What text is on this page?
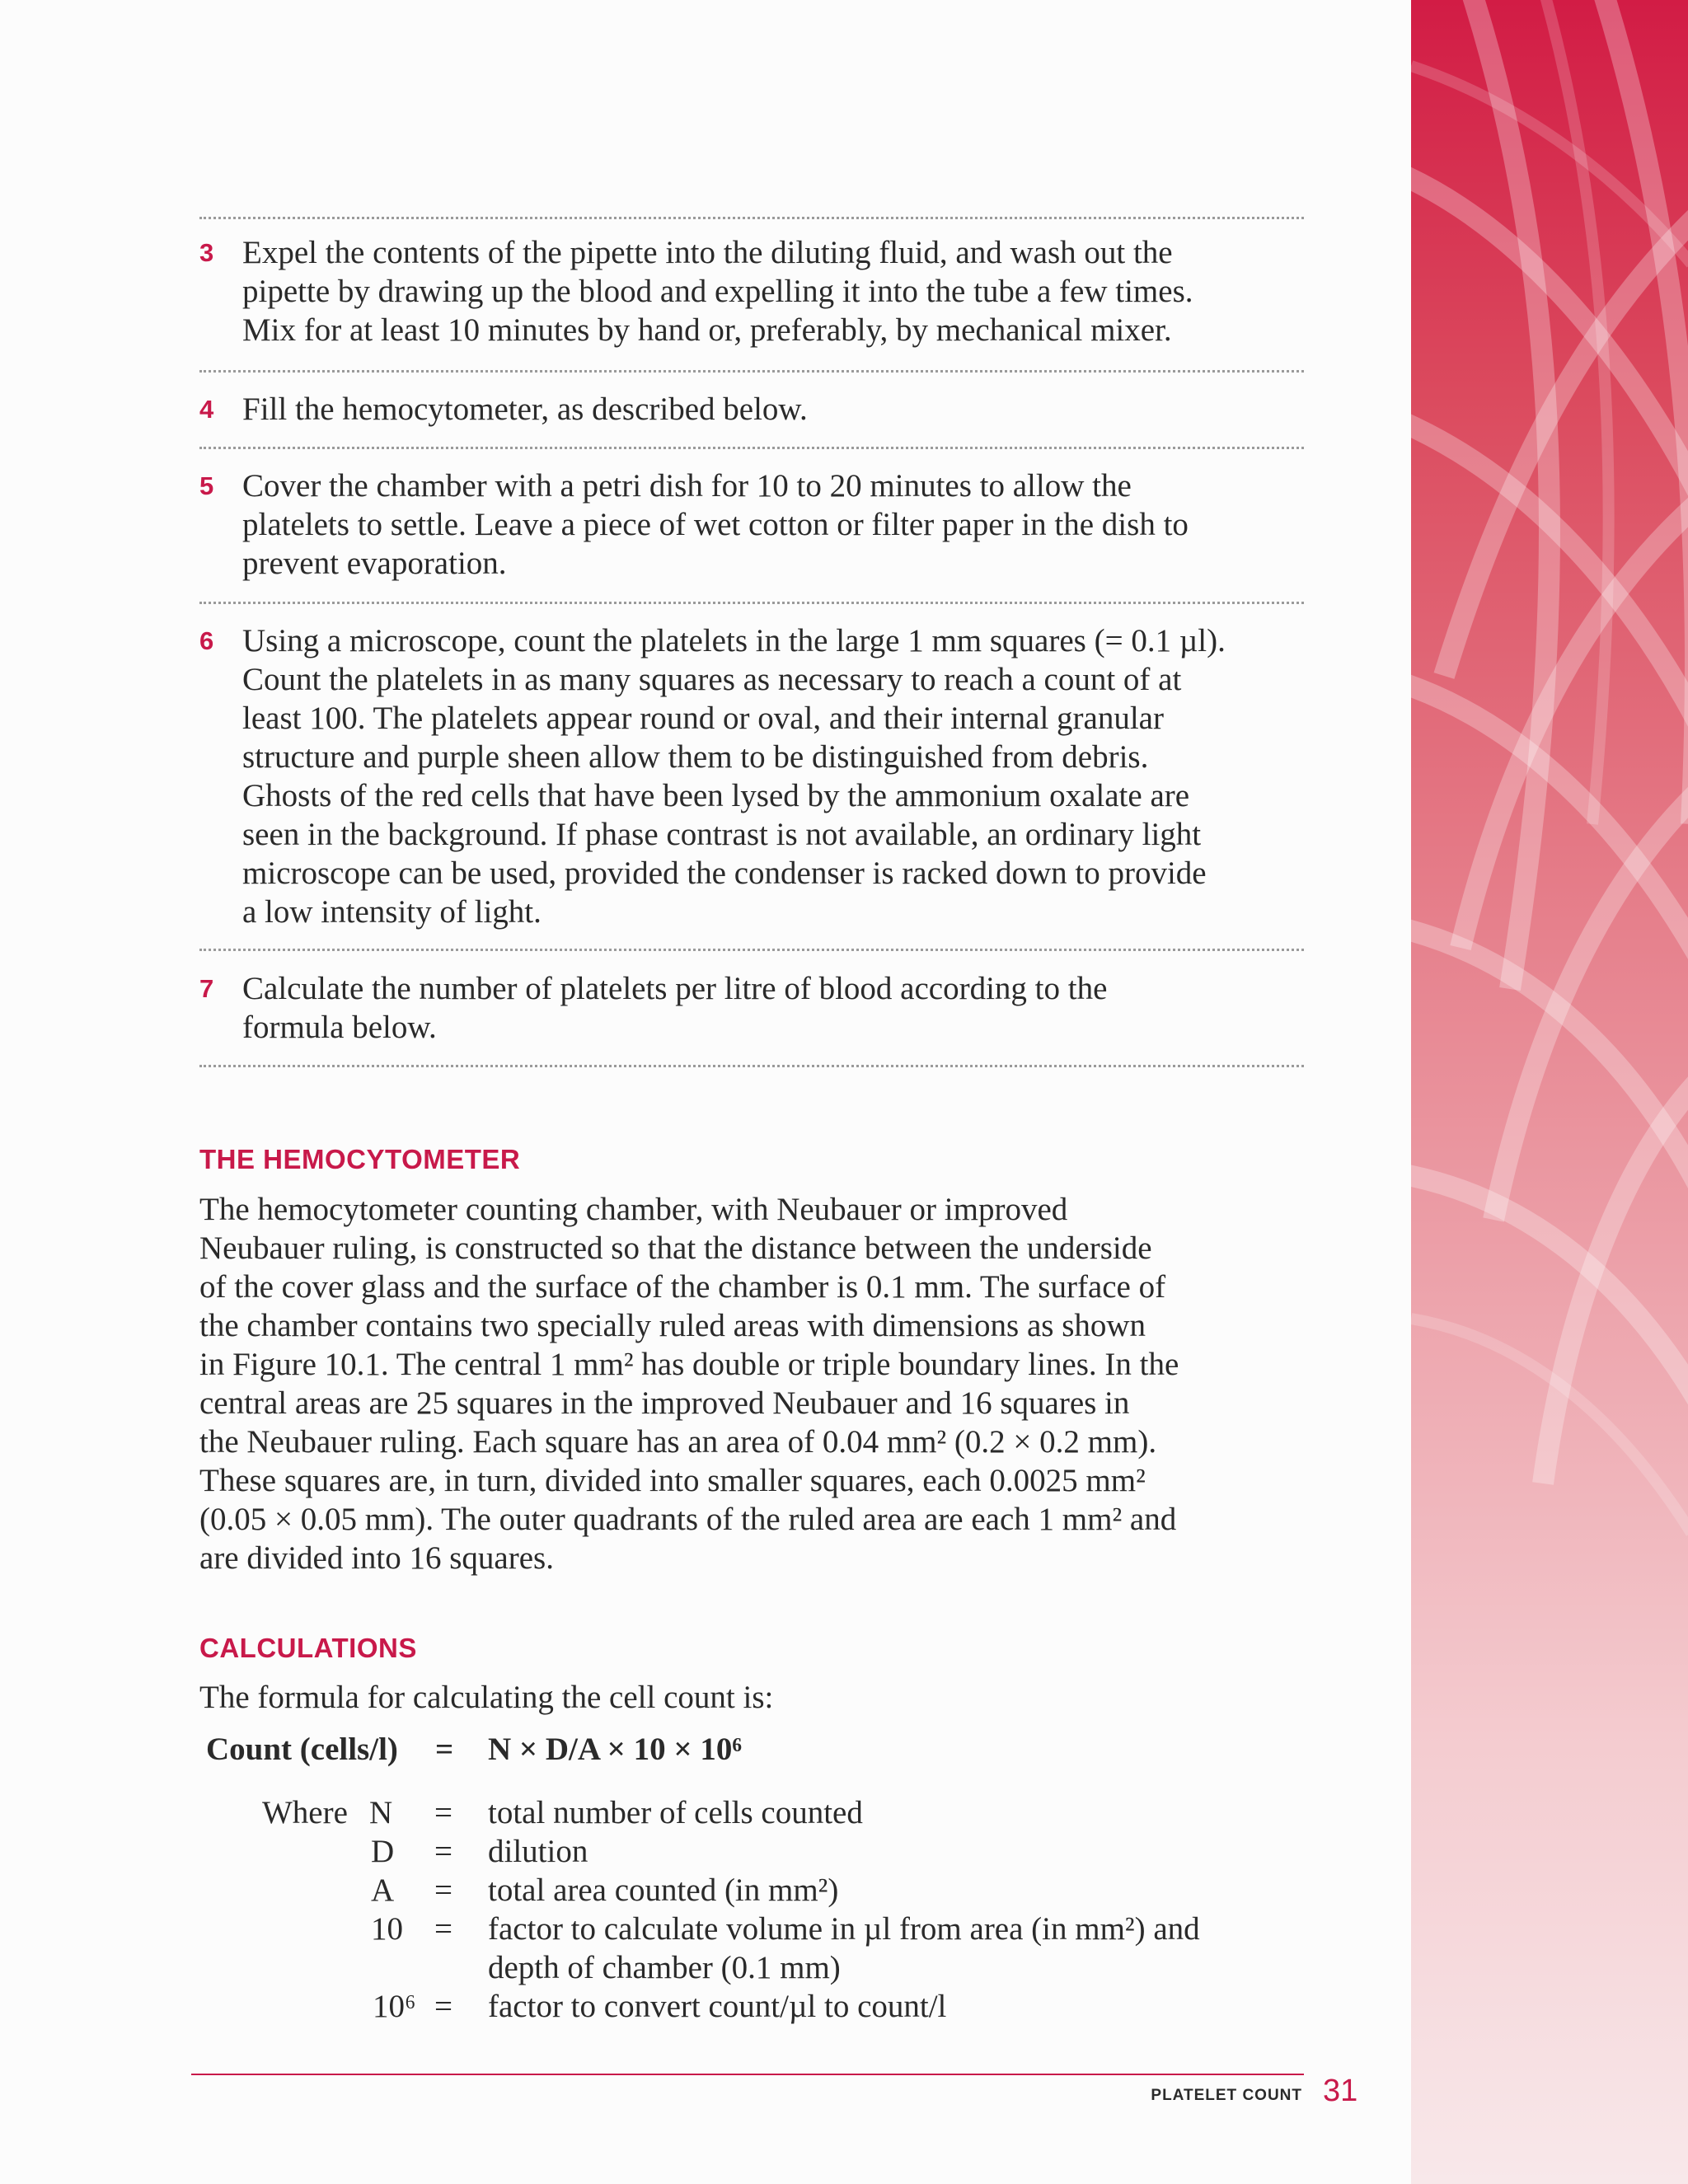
3 Expel the contents of the pipette into the diluting fluid, and wash out the
pipette by drawing up the blood and expelling it into the tube a few times.
Mix for at least 10 minutes by hand or, preferably, by mechanical mixer.
4 Fill the hemocytometer, as described below.
5 Cover the chamber with a petri dish for 10 to 20 minutes to allow the
platelets to settle. Leave a piece of wet cotton or filter paper in the dish to
prevent evaporation.
6 Using a microscope, count the platelets in the large 1 mm squares (= 0.1 µl).
Count the platelets in as many squares as necessary to reach a count of at
least 100. The platelets appear round or oval, and their internal granular
structure and purple sheen allow them to be distinguished from debris.
Ghosts of the red cells that have been lysed by the ammonium oxalate are
seen in the background. If phase contrast is not available, an ordinary light
microscope can be used, provided the condenser is racked down to provide
a low intensity of light.
7 Calculate the number of platelets per litre of blood according to the
formula below.
THE HEMOCYTOMETER
The hemocytometer counting chamber, with Neubauer or improved
Neubauer ruling, is constructed so that the distance between the underside
of the cover glass and the surface of the chamber is 0.1 mm. The surface of
the chamber contains two specially ruled areas with dimensions as shown
in Figure 10.1. The central 1 mm² has double or triple boundary lines. In the
central areas are 25 squares in the improved Neubauer and 16 squares in
the Neubauer ruling. Each square has an area of 0.04 mm² (0.2 × 0.2 mm).
These squares are, in turn, divided into smaller squares, each 0.0025 mm²
(0.05 × 0.05 mm). The outer quadrants of the ruled area are each 1 mm² and
are divided into 16 squares.
CALCULATIONS
The formula for calculating the cell count is:
Count (cells/l) = N × D/A × 10 × 10⁶
Where N = total number of cells counted
D = dilution
A = total area counted (in mm²)
10 = factor to calculate volume in µl from area (in mm²) and
depth of chamber (0.1 mm)
10⁶ = factor to convert count/µl to count/l
PLATELET COUNT 31
